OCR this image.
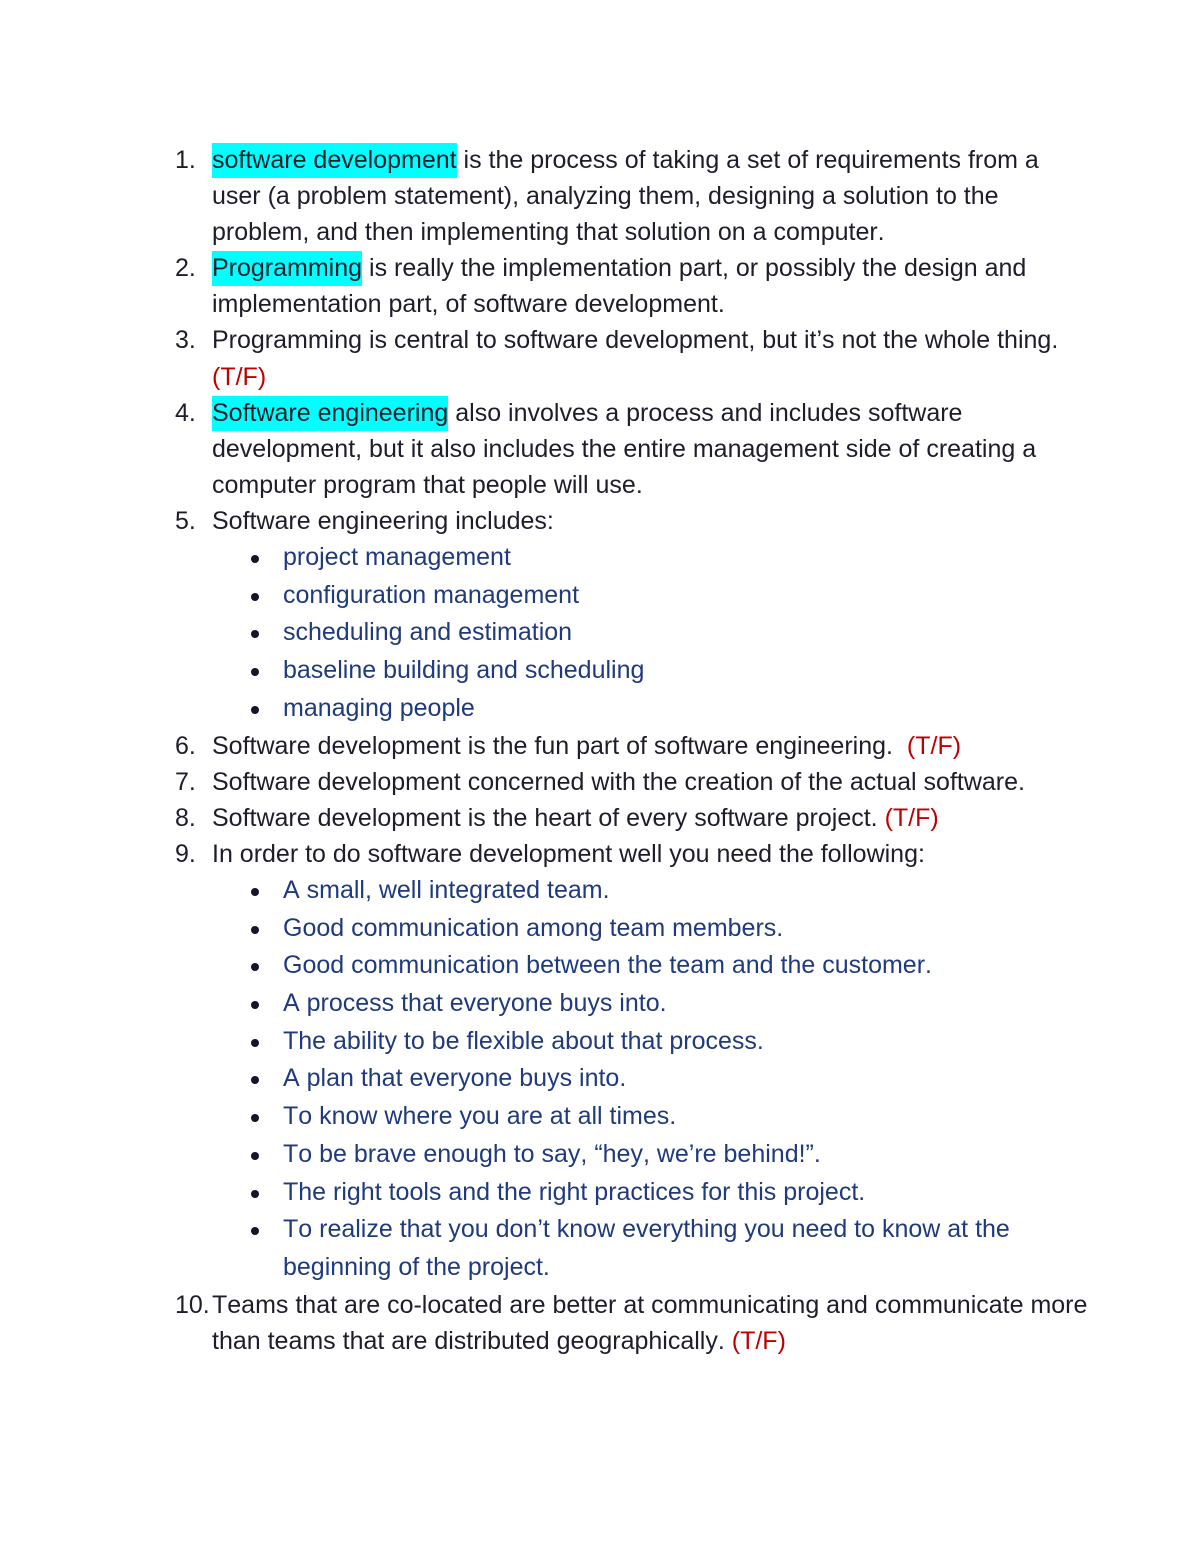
1. software development is the process of taking a set of requirements from a
user (a problem statement), analyzing them, designing a solution to the
problem, and then implementing that solution on a computer.
2. Programming is really the implementation part, or possibly the design and
implementation part, of software development.
3. Programming is central to software development, but it’s not the whole thing.
(T/F)
4. Software engineering also involves a process and includes software
development, but it also includes the entire management side of creating a
computer program that people will use.
5. Software engineering includes:
project management
configuration management
scheduling and estimation
baseline building and scheduling
managing people
6. Software development is the fun part of software engineering. (T/F)
7. Software development concerned with the creation of the actual software.
8. Software development is the heart of every software project. (T/F)
9. In order to do software development well you need the following:
A small, well integrated team.
Good communication among team members.
Good communication between the team and the customer.
A process that everyone buys into.
The ability to be flexible about that process.
A plan that everyone buys into.
To know where you are at all times.
To be brave enough to say, “hey, we’re behind!”.
The right tools and the right practices for this project.
To realize that you don’t know everything you need to know at the
beginning of the project.
10. Teams that are co-located are better at communicating and communicate more
than teams that are distributed geographically. (T/F)
